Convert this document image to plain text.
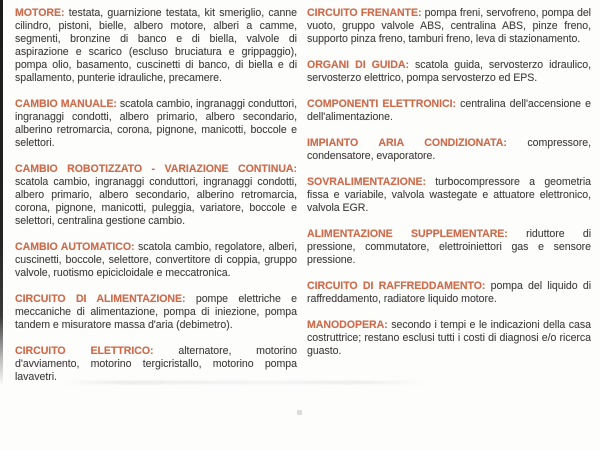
MOTORE: testata, guarnizione testata, kit smeriglio, canne cilindro, pistoni, bielle, albero motore, alberi a camme, segmenti, bronzine di banco e di biella, valvole di aspirazione e scarico (escluso bruciatura e grippaggio), pompa olio, basamento, cuscinetti di banco, di biella e di spallamento, punterie idrauliche, precamere.

CAMBIO MANUALE: scatola cambio, ingranaggi conduttori, ingranaggi condotti, albero primario, albero secondario, alberino retromarcia, corona, pignone, manicotti, boccole e selettori.

CAMBIO ROBOTIZZATO - VARIAZIONE CONTINUA: scatola cambio, ingranaggi conduttori, ingranaggi condotti, albero primario, albero secondario, alberino retromarcia, corona, pignone, manicotti, puleggia, variatore, boccole e selettori, centralina gestione cambio.

CAMBIO AUTOMATICO: scatola cambio, regolatore, alberi, cuscinetti, boccole, selettore, convertitore di coppia, gruppo valvole, ruotismo epicicloidale e meccatronica.

CIRCUITO DI ALIMENTAZIONE: pompe elettriche e meccaniche di alimentazione, pompa di iniezione, pompa tandem e misuratore massa d'aria (debimetro).

CIRCUITO ELETTRICO: alternatore, motorino d'avviamento, motorino tergicristallo, motorino pompa lavavetri.

CIRCUITO FRENANTE: pompa freni, servofreno, pompa del vuoto, gruppo valvole ABS, centralina ABS, pinze freno, supporto pinza freno, tamburi freno, leva di stazionamento.

ORGANI DI GUIDA: scatola guida, servosterzo idraulico, servosterzo elettrico, pompa servosterzo ed EPS.

COMPONENTI ELETTRONICI: centralina dell'accensione e dell'alimentazione.

IMPIANTO ARIA CONDIZIONATA: compressore, condensatore, evaporatore.

SOVRALIMENTAZIONE: turbocompressore a geometria fissa e variabile, valvola wastegate e attuatore elettronico, valvola EGR.

ALIMENTAZIONE SUPPLEMENTARE: riduttore di pressione, commutatore, elettroiniettori gas e sensore pressione.

CIRCUITO DI RAFFREDDAMENTO: pompa del liquido di raffreddamento, radiatore liquido motore.

MANODOPERA: secondo i tempi e le indicazioni della casa costruttrice; restano esclusi tutti i costi di diagnosi e/o ricerca guasto.
